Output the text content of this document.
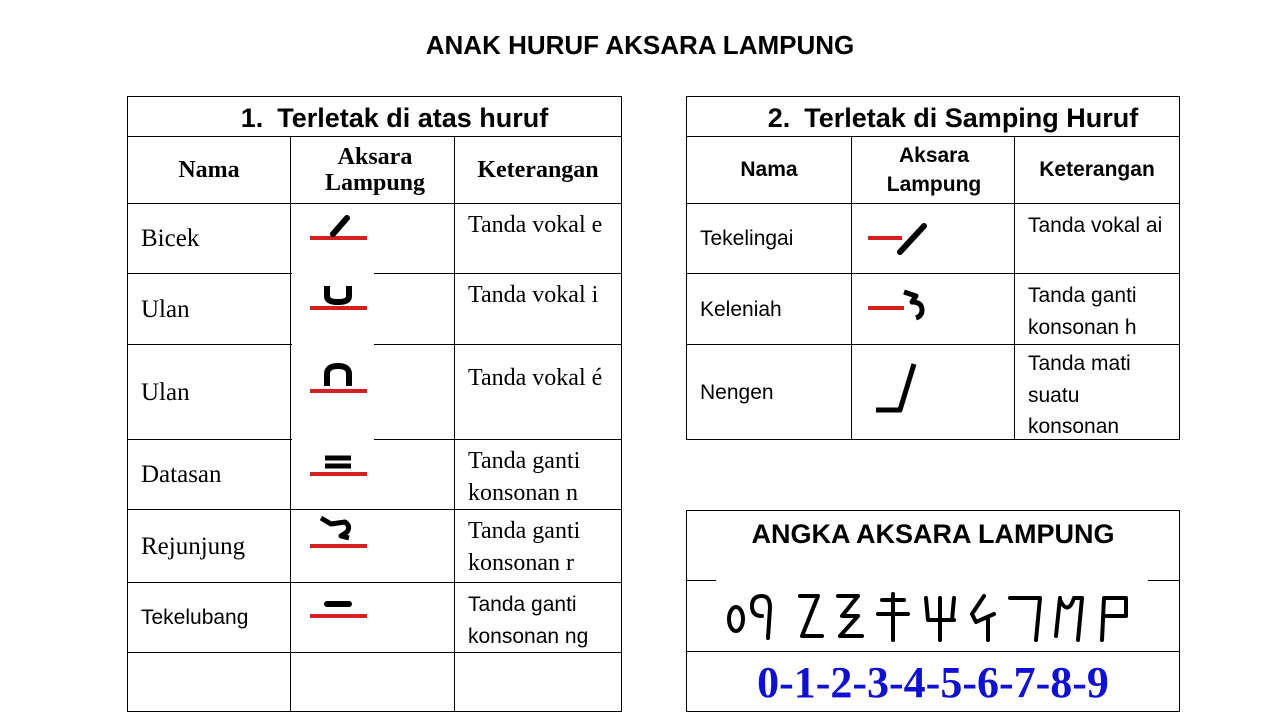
ANAK HURUF AKSARA LAMPUNG
1. Terletak di atas huruf
Nama
Aksara Lampung
Keterangan
Bicek	Tanda vokal e
Ulan
Tanda vokal i
Ulan
Tanda vokal é
Datasan	Tanda ganti konsonan n
Rejunjung
Tanda ganti konsonan r
Tekelubang
Tanda ganti konsonan ng
2. Terletak di Samping Huruf
Nama
Aksara Lampung
Keterangan
Tekelingai
Tanda vokal ai
Keleniah
Tanda ganti konsonan h
Nengen
Tanda mati suatu konsonan
ANGKA AKSARA LAMPUNG
0-1-2-3-4-5-6-7-8-9
